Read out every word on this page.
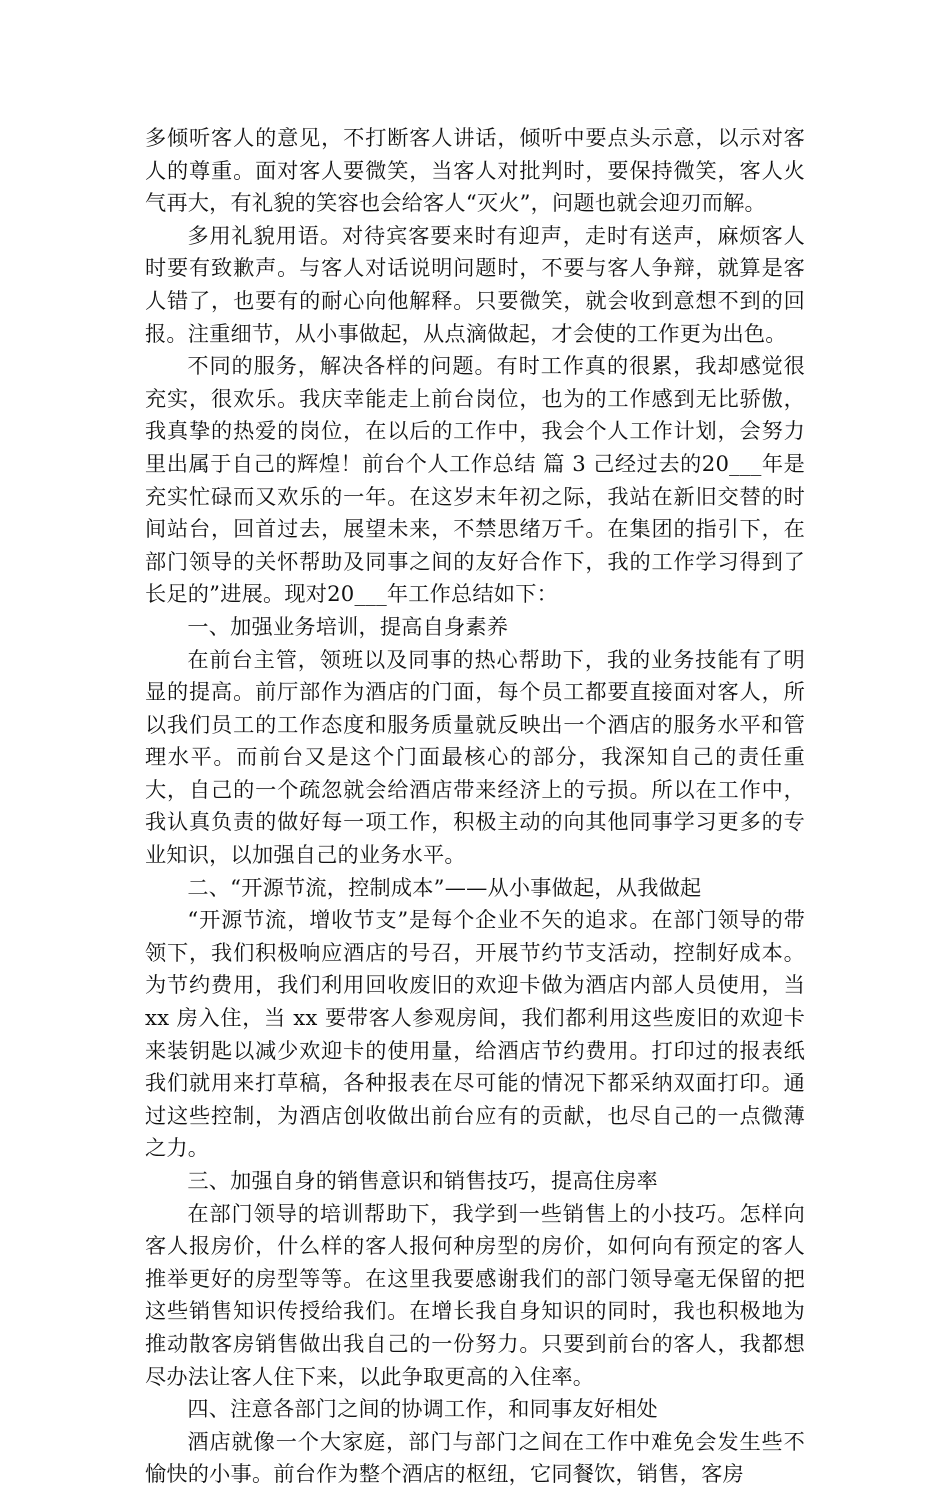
多倾听客人的意见，不打断客人讲话，倾听中要点头示意，以示对客人的尊重。面对客人要微笑，当客人对批判时，要保持微笑，客人火气再大，有礼貌的笑容也会给客人“灭火”，问题也就会迎刃而解。

多用礼貌用语。对待宾客要来时有迎声，走时有送声，麻烦客人时要有致歉声。与客人对话说明问题时，不要与客人争辩，就算是客人错了，也要有的耐心向他解释。只要微笑，就会收到意想不到的回报。注重细节，从小事做起，从点滴做起，才会使的工作更为出色。

不同的服务，解决各样的问题。有时工作真的很累，我却感觉很充实，很欢乐。我庆幸能走上前台岗位，也为的工作感到无比骄傲，我真挚的热爱的岗位，在以后的工作中，我会个人工作计划，会努力里出属于自己的辉煌！前台个人工作总结 篇 3 己经过去的20___年是充实忙碌而又欢乐的一年。在这岁末年初之际，我站在新旧交替的时间站台，回首过去，展望未来，不禁思绪万千。在集团的指引下，在部门领导的关怀帮助及同事之间的友好合作下，我的工作学习得到了长足的”进展。现对20___年工作总结如下：

一、加强业务培训，提高自身素养

在前台主管，领班以及同事的热心帮助下，我的业务技能有了明显的提高。前厅部作为酒店的门面，每个员工都要直接面对客人，所以我们员工的工作态度和服务质量就反映出一个酒店的服务水平和管理水平。而前台又是这个门面最核心的部分，我深知自己的责任重大，自己的一个疏忽就会给酒店带来经济上的亏损。所以在工作中，我认真负责的做好每一项工作，积极主动的向其他同事学习更多的专业知识，以加强自己的业务水平。

二、“开源节流，控制成本”——从小事做起，从我做起

“开源节流，增收节支”是每个企业不矢的追求。在部门领导的带领下，我们积极响应酒店的号召，开展节约节支活动，控制好成本。为节约费用，我们利用回收废旧的欢迎卡做为酒店内部人员使用，当 xx 房入住，当 xx 要带客人参观房间，我们都利用这些废旧的欢迎卡来装钥匙以减少欢迎卡的使用量，给酒店节约费用。打印过的报表纸我们就用来打草稿，各种报表在尽可能的情况下都采纳双面打印。通过这些控制，为酒店创收做出前台应有的贡献，也尽自己的一点微薄之力。

三、加强自身的销售意识和销售技巧，提高住房率

在部门领导的培训帮助下，我学到一些销售上的小技巧。怎样向客人报房价，什么样的客人报何种房型的房价，如何向有预定的客人推举更好的房型等等。在这里我要感谢我们的部门领导毫无保留的把这些销售知识传授给我们。在增长我自身知识的同时，我也积极地为推动散客房销售做出我自己的一份努力。只要到前台的客人，我都想尽办法让客人住下来，以此争取更高的入住率。

四、注意各部门之间的协调工作，和同事友好相处

酒店就像一个大家庭，部门与部门之间在工作中难免会发生些不愉快的小事。前台作为整个酒店的枢纽，它同餐饮，销售，客房
